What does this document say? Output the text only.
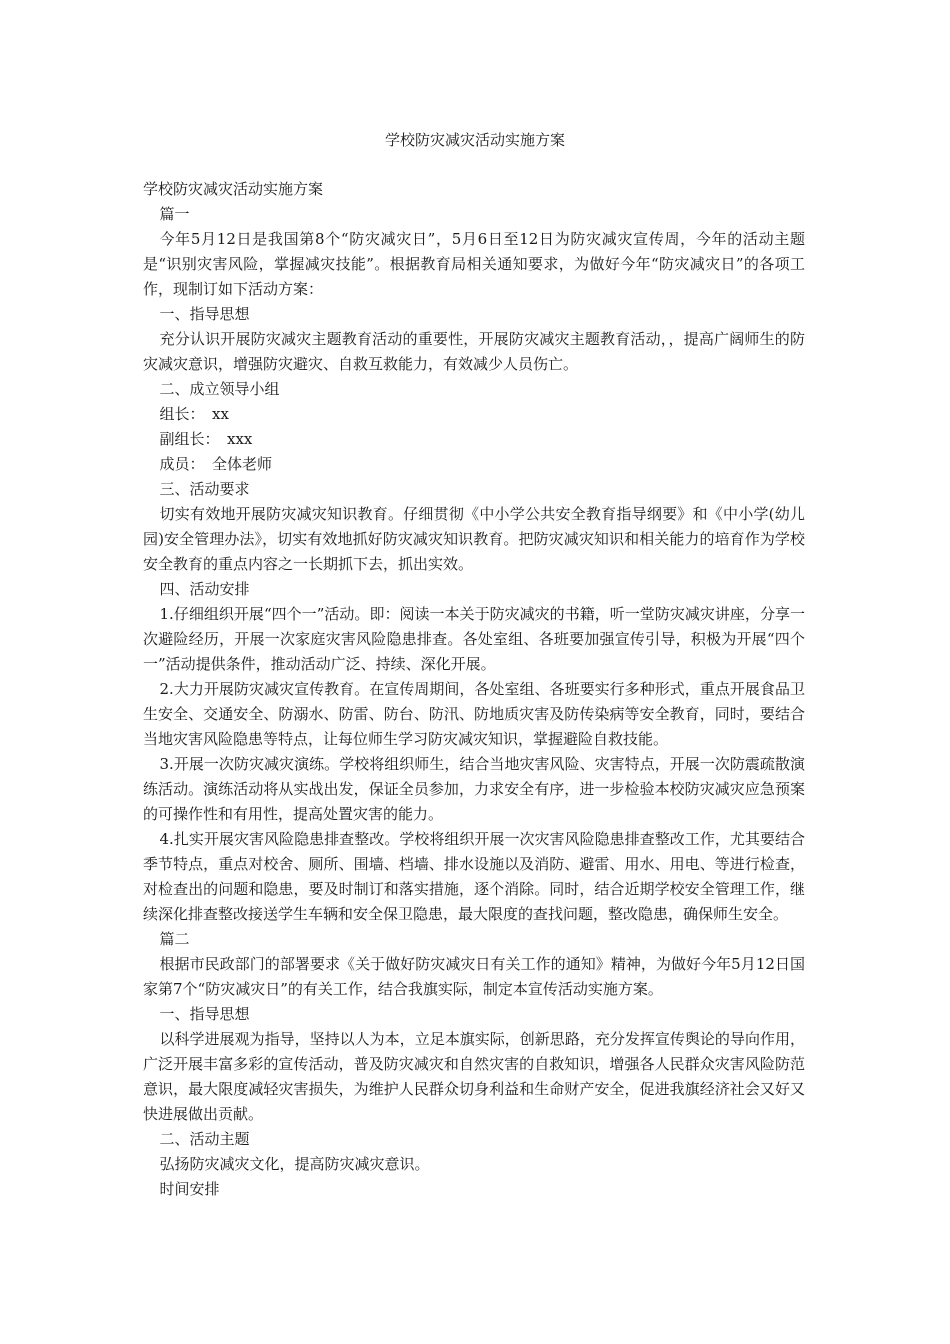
学校防灾减灾活动实施方案

学校防灾减灾活动实施方案

篇一

今年5月12日是我国第8个“防灾减灾日”，5月6日至12日为防灾减灾宣传周，今年的活动主题是“识别灾害风险，掌握减灾技能”。根据教育局相关通知要求，为做好今年“防灾减灾日”的各项工作，现制订如下活动方案：

一、指导思想

充分认识开展防灾减灾主题教育活动的重要性，开展防灾减灾主题教育活动，，提高广阔师生的防灾减灾意识，增强防灾避灾、自救互救能力，有效减少人员伤亡。

二、成立领导小组

组长：　xx

副组长：　xxx

成员：　全体老师

三、活动要求

切实有效地开展防灾减灾知识教育。仔细贯彻《中小学公共安全教育指导纲要》和《中小学(幼儿园)安全管理办法》，切实有效地抓好防灾减灾知识教育。把防灾减灾知识和相关能力的培育作为学校安全教育的重点内容之一长期抓下去，抓出实效。

四、活动安排

1.仔细组织开展“四个一”活动。即：阅读一本关于防灾减灾的书籍，听一堂防灾减灾讲座，分享一次避险经历，开展一次家庭灾害风险隐患排查。各处室组、各班要加强宣传引导，积极为开展“四个一”活动提供条件，推动活动广泛、持续、深化开展。

2.大力开展防灾减灾宣传教育。在宣传周期间，各处室组、各班要实行多种形式，重点开展食品卫生安全、交通安全、防溺水、防雷、防台、防汛、防地质灾害及防传染病等安全教育，同时，要结合当地灾害风险隐患等特点，让每位师生学习防灾减灾知识，掌握避险自救技能。

3.开展一次防灾减灾演练。学校将组织师生，结合当地灾害风险、灾害特点，开展一次防震疏散演练活动。演练活动将从实战出发，保证全员参加，力求安全有序，进一步检验本校防灾减灾应急预案的可操作性和有用性，提高处置灾害的能力。

4.扎实开展灾害风险隐患排查整改。学校将组织开展一次灾害风险隐患排查整改工作，尤其要结合季节特点，重点对校舍、厕所、围墙、档墙、排水设施以及消防、避雷、用水、用电、等进行检查，对检查出的问题和隐患，要及时制订和落实措施，逐个消除。同时，结合近期学校安全管理工作，继续深化排查整改接送学生车辆和安全保卫隐患，最大限度的查找问题，整改隐患，确保师生安全。

篇二

根据市民政部门的部署要求《关于做好防灾减灾日有关工作的通知》精神，为做好今年5月12日国家第7个“防灾减灾日”的有关工作，结合我旗实际，制定本宣传活动实施方案。

一、指导思想

以科学进展观为指导，坚持以人为本，立足本旗实际，创新思路，充分发挥宣传舆论的导向作用，广泛开展丰富多彩的宣传活动，普及防灾减灾和自然灾害的自救知识，增强各人民群众灾害风险防范意识，最大限度减轻灾害损失，为维护人民群众切身利益和生命财产安全，促进我旗经济社会又好又快进展做出贡献。

二、活动主题

弘扬防灾减灾文化，提高防灾减灾意识。

时间安排
